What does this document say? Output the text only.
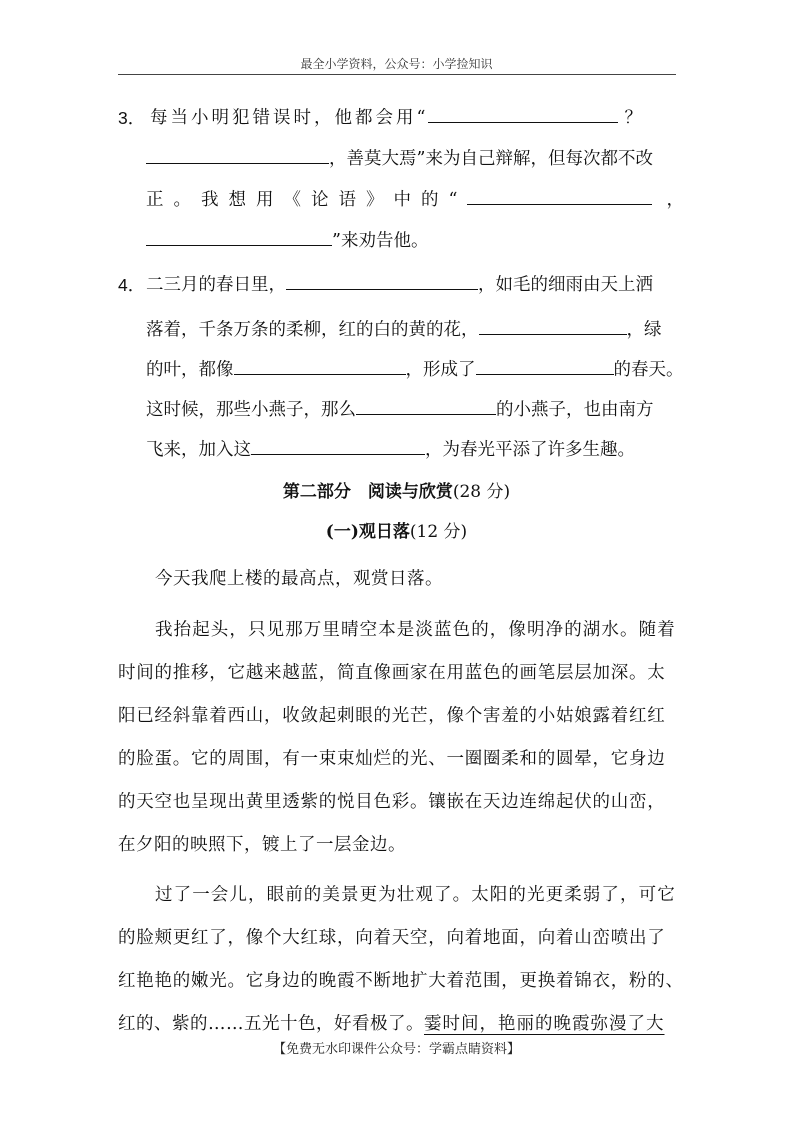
最全小学资料，公众号：小学捡知识
3． 每当小明犯错误时，他都会用“	？
，善莫大焉”来为自己辩解，但每次都不改
正。我想用《论语》中的“	，
”来劝告他。
4． 二三月的春日里，	，如毛的细雨由天上洒
落着，千条万条的柔柳，红的白的黄的花，	，绿
的叶，都像	，形成了	的春天。
这时候，那些小燕子，那么	的小燕子，也由南方
飞来，加入这	，为春光平添了许多生趣。
第二部分　阅读与欣赏(28 分)
(一)观日落(12 分)
今天我爬上楼的最高点，观赏日落。
我抬起头，只见那万里晴空本是淡蓝色的，像明净的湖水。随着
时间的推移，它越来越蓝，简直像画家在用蓝色的画笔层层加深。太
阳已经斜靠着西山，收敛起刺眼的光芒，像个害羞的小姑娘露着红红
的脸蛋。它的周围，有一束束灿烂的光、一圈圈柔和的圆晕，它身边
的天空也呈现出黄里透紫的悦目色彩。镶嵌在天边连绵起伏的山峦，
在夕阳的映照下，镀上了一层金边。
过了一会儿，眼前的美景更为壮观了。太阳的光更柔弱了，可它
的脸颊更红了，像个大红球，向着天空，向着地面，向着山峦喷出了
红艳艳的嫩光。它身边的晚霞不断地扩大着范围，更换着锦衣，粉的、
红的、紫的……五光十色，好看极了。霎时间，艳丽的晚霞弥漫了大
【免费无水印课件公众号：学霸点睛资料】
